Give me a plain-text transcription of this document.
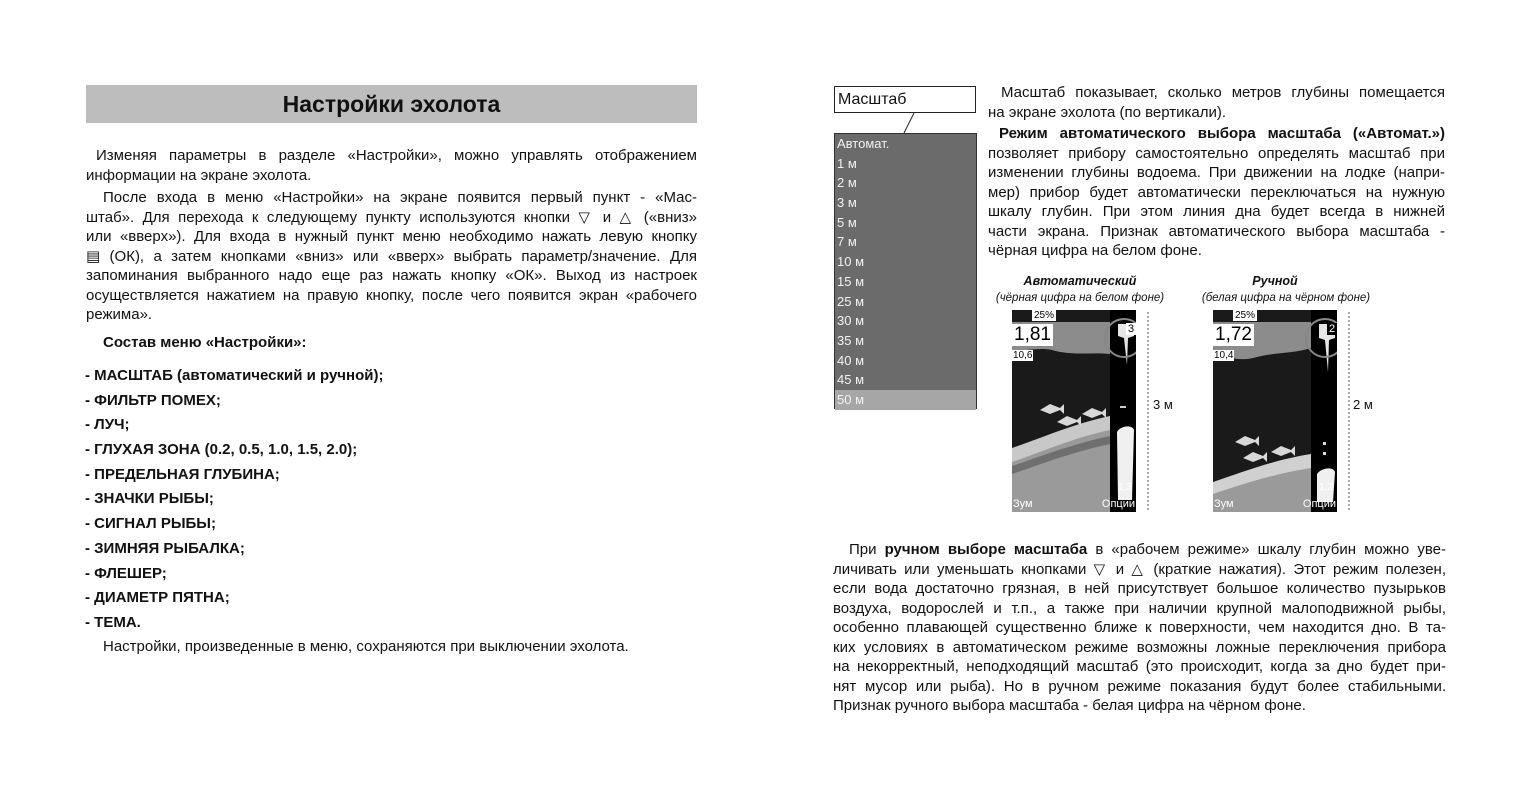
Настройки эхолота
Изменяя параметры в разделе «Настройки», можно управлять отображением
информации на экране эхолота.
После входа в меню «Настройки» на экране появится первый пункт - «Мас-
штаб». Для перехода к следующему пункту используются кнопки ▽ и △ («вниз»
или «вверх»). Для входа в нужный пункт меню необходимо нажать левую кнопку
▤ (ОК), а затем кнопками «вниз» или «вверх» выбрать параметр/значение. Для
запоминания выбранного надо еще раз нажать кнопку «ОК». Выход из настроек
осуществляется нажатием на правую кнопку, после чего появится экран «рабочего
режима».
Состав меню «Настройки»:
- МАСШТАБ (автоматический и ручной);
- ФИЛЬТР ПОМЕХ;
- ЛУЧ;
- ГЛУХАЯ ЗОНА (0.2, 0.5, 1.0, 1.5, 2.0);
- ПРЕДЕЛЬНАЯ ГЛУБИНА;
- ЗНАЧКИ РЫБЫ;
- СИГНАЛ РЫБЫ;
- ЗИМНЯЯ РЫБАЛКА;
- ФЛЕШЕР;
- ДИАМЕТР ПЯТНА;
- ТЕМА.
Настройки, произведенные в меню, сохраняются при выключении эхолота.
Масштаб
Автомат.
1 м
2 м
3 м
5 м
7 м
10 м
15 м
25 м
30 м
35 м
40 м
45 м
50 м
Масштаб показывает, сколько метров глубины помещается
на экране эхолота (по вертикали).
Режим автоматического выбора масштаба («Автомат.»)
позволяет прибору самостоятельно определять масштаб при
изменении глубины водоема. При движении на лодке (напри-
мер) прибор будет автоматически переключаться на нужную
шкалу глубин. При этом линия дна будет всегда в нижней
части экрана. Признак автоматического выбора масштаба -
чёрная цифра на белом фоне.
Автоматический
(чёрная цифра на белом фоне)
25%
1,81
10,6
3
1,3
Зум	Опции
3 м
Ручной
(белая цифра на чёрном фоне)
25%
1,72
10,4
2
1,2
Зум	Опции
2 м
При ручном выборе масштаба в «рабочем режиме» шкалу глубин можно уве-
личивать или уменьшать кнопками ▽ и △ (краткие нажатия). Этот режим полезен,
если вода достаточно грязная, в ней присутствует большое количество пузырьков
воздуха, водорослей и т.п., а также при наличии крупной малоподвижной рыбы,
особенно плавающей существенно ближе к поверхности, чем находится дно. В та-
ких условиях в автоматическом режиме возможны ложные переключения прибора
на некорректный, неподходящий масштаб (это происходит, когда за дно будет при-
нят мусор или рыба). Но в ручном режиме показания будут более стабильными.
Признак ручного выбора масштаба - белая цифра на чёрном фоне.
